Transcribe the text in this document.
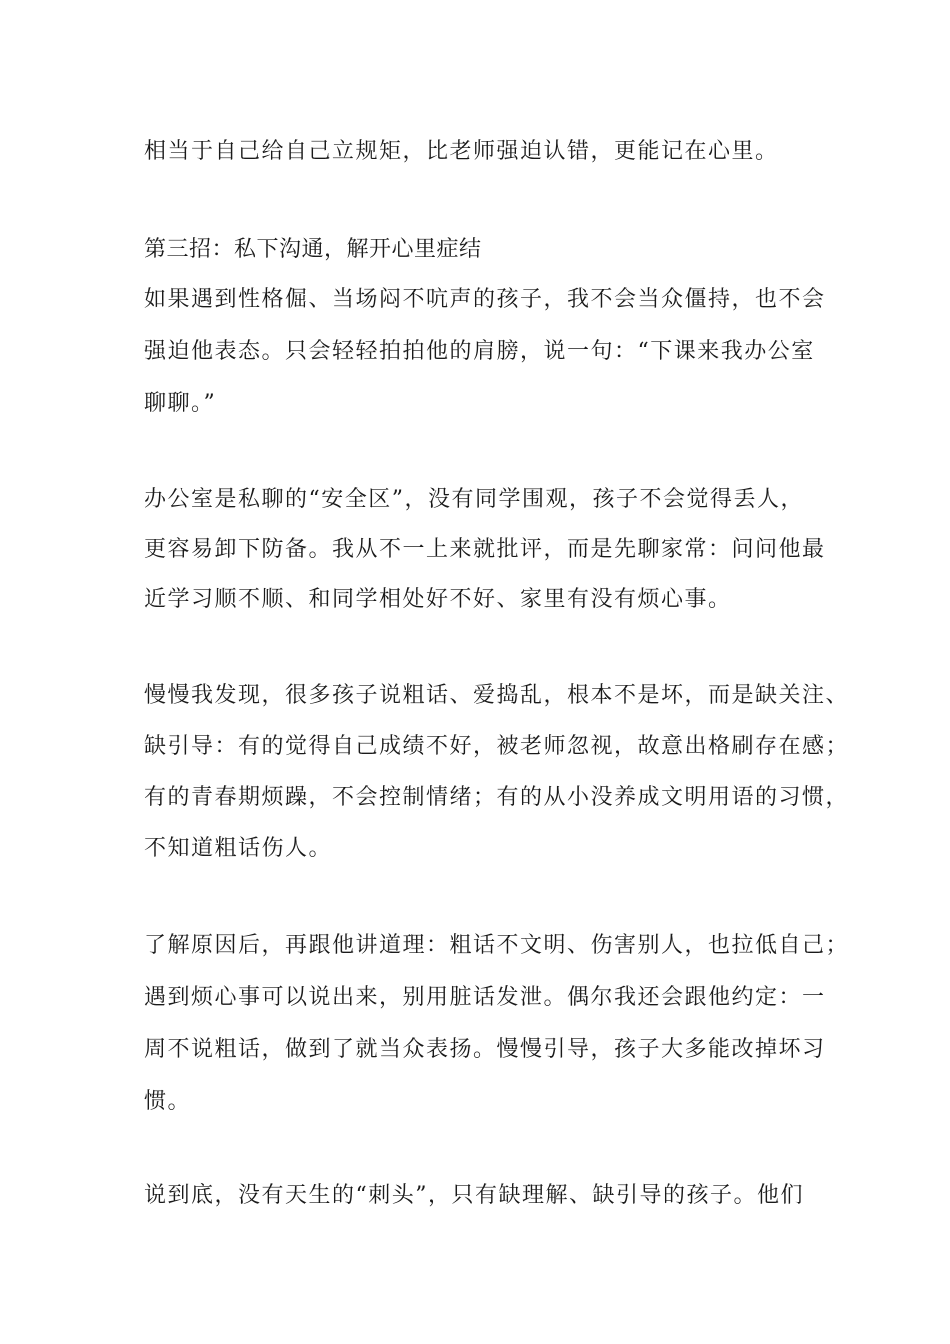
相当于自己给自己立规矩，比老师强迫认错，更能记在心里。
第三招：私下沟通，解开心里症结
如果遇到性格倔、当场闷不吭声的孩子，我不会当众僵持，也不会
强迫他表态。只会轻轻拍拍他的肩膀，说一句：“下课来我办公室
聊聊。”
办公室是私聊的“安全区”，没有同学围观，孩子不会觉得丢人，
更容易卸下防备。我从不一上来就批评，而是先聊家常：问问他最
近学习顺不顺、和同学相处好不好、家里有没有烦心事。
慢慢我发现，很多孩子说粗话、爱捣乱，根本不是坏，而是缺关注、
缺引导：有的觉得自己成绩不好，被老师忽视，故意出格刷存在感；
有的青春期烦躁，不会控制情绪；有的从小没养成文明用语的习惯，
不知道粗话伤人。
了解原因后，再跟他讲道理：粗话不文明、伤害别人，也拉低自己；
遇到烦心事可以说出来，别用脏话发泄。偶尔我还会跟他约定：一
周不说粗话，做到了就当众表扬。慢慢引导，孩子大多能改掉坏习
惯。
说到底，没有天生的“刺头”，只有缺理解、缺引导的孩子。他们
